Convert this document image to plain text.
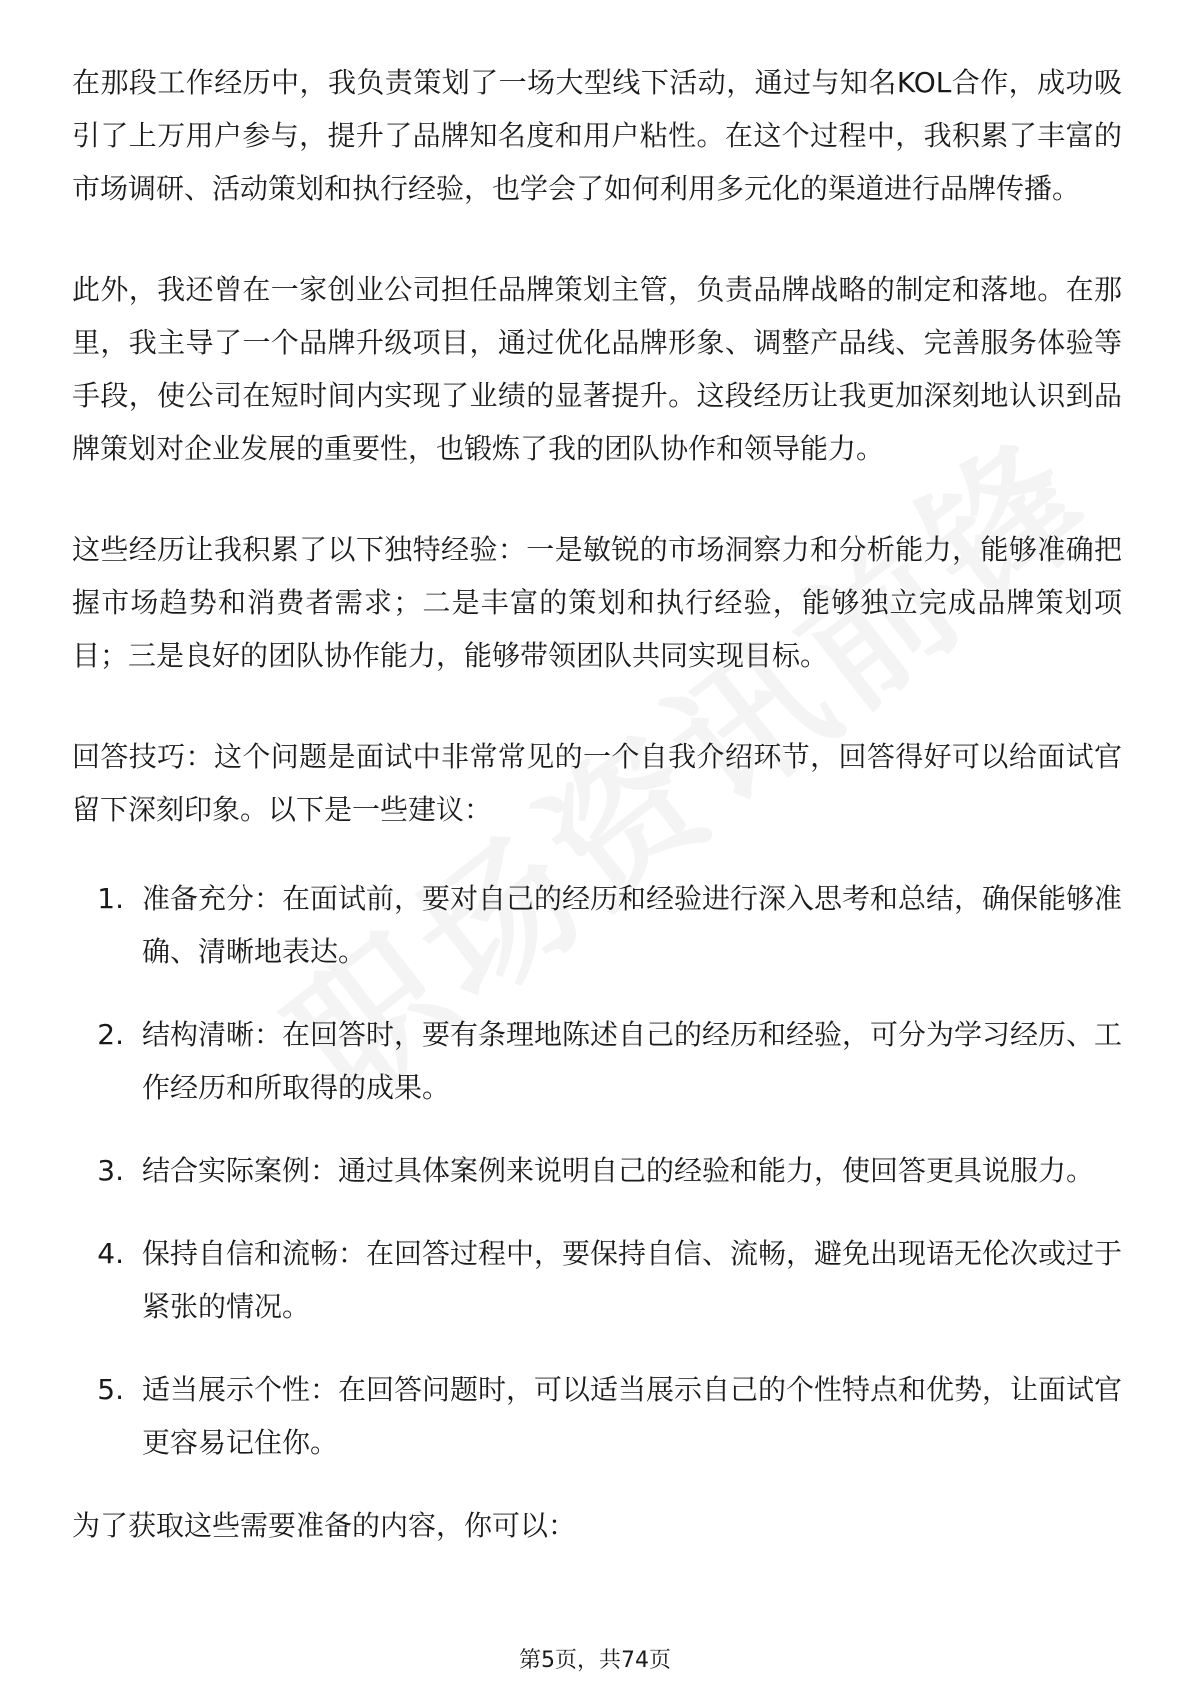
在那段工作经历中，我负责策划了一场大型线下活动，通过与知名KOL合作，成功吸引了上万用户参与，提升了品牌知名度和用户粘性。在这个过程中，我积累了丰富的市场调研、活动策划和执行经验，也学会了如何利用多元化的渠道进行品牌传播。

此外，我还曾在一家创业公司担任品牌策划主管，负责品牌战略的制定和落地。在那里，我主导了一个品牌升级项目，通过优化品牌形象、调整产品线、完善服务体验等手段，使公司在短时间内实现了业绩的显著提升。这段经历让我更加深刻地认识到品牌策划对企业发展的重要性，也锻炼了我的团队协作和领导能力。

这些经历让我积累了以下独特经验：一是敏锐的市场洞察力和分析能力，能够准确把握市场趋势和消费者需求；二是丰富的策划和执行经验，能够独立完成品牌策划项目；三是良好的团队协作能力，能够带领团队共同实现目标。

回答技巧：这个问题是面试中非常常见的一个自我介绍环节，回答得好可以给面试官留下深刻印象。以下是一些建议：

1. 准备充分：在面试前，要对自己的经历和经验进行深入思考和总结，确保能够准确、清晰地表达。
2. 结构清晰：在回答时，要有条理地陈述自己的经历和经验，可分为学习经历、工作经历和所取得的成果。
3. 结合实际案例：通过具体案例来说明自己的经验和能力，使回答更具说服力。
4. 保持自信和流畅：在回答过程中，要保持自信、流畅，避免出现语无伦次或过于紧张的情况。
5. 适当展示个性：在回答问题时，可以适当展示自己的个性特点和优势，让面试官更容易记住你。

为了获取这些需要准备的内容，你可以：

第5页，共74页
